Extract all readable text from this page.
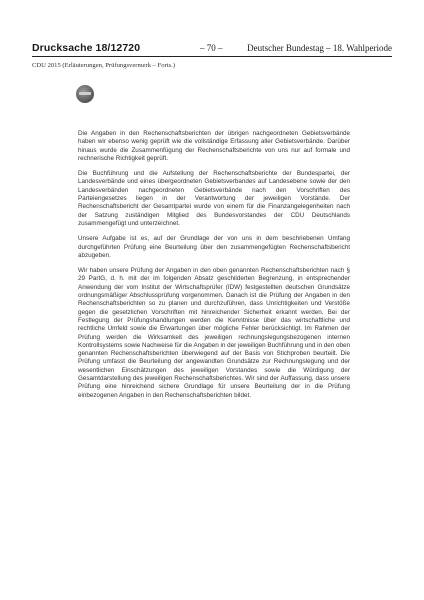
Drucksache 18/12720	– 70 –	Deutscher Bundestag – 18. Wahlperiode
CDU 2015 (Erläuterungen, Prüfungsvermerk – Forts.)

Die Angaben in den Rechenschaftsberichten der übrigen nachgeordneten Gebietsverbände haben wir ebenso wenig geprüft wie die vollständige Erfassung aller Gebietsverbände. Darüber hinaus wurde die Zusammenfügung der Rechenschaftsberichte von uns nur auf formale und rechnerische Richtigkeit geprüft.

Die Buchführung und die Aufstellung der Rechenschaftsberichte der Bundespartei, der Landesverbände und eines übergeordneten Gebietsverbandes auf Landesebene sowie der den Landesverbänden nachgeordneten Gebietsverbände nach den Vorschriften des Parteiengesetzes liegen in der Verantwortung der jeweiligen Vorstände. Der Rechenschaftsbericht der Gesamtpartei wurde von einem für die Finanzangelegenheiten nach der Satzung zuständigen Mitglied des Bundesvorstandes der CDU Deutschlands zusammengefügt und unterzeichnet.

Unsere Aufgabe ist es, auf der Grundlage der von uns in dem beschriebenen Umfang durchgeführten Prüfung eine Beurteilung über den zusammengefügten Rechenschaftsbericht abzugeben.

Wir haben unsere Prüfung der Angaben in den oben genannten Rechenschaftsberichten nach § 29 PartG, d. h. mit der im folgenden Absatz geschilderten Begrenzung, in entsprechender Anwendung der vom Institut der Wirtschaftsprüfer (IDW) festgestellten deutschen Grundsätze ordnungsmäßiger Abschlussprüfung vorgenommen. Danach ist die Prüfung der Angaben in den Rechenschaftsberichten so zu planen und durchzuführen, dass Unrichtigkeiten und Verstöße gegen die gesetzlichen Vorschriften mit hinreichender Sicherheit erkannt werden. Bei der Festlegung der Prüfungshandlungen werden die Kenntnisse über das wirtschaftliche und rechtliche Umfeld sowie die Erwartungen über mögliche Fehler berücksichtigt. Im Rahmen der Prüfung werden die Wirksamkeit des jeweiligen rechnungslegungsbezogenen internen Kontrollsystems sowie Nachweise für die Angaben in der jeweiligen Buchführung und in den oben genannten Rechenschaftsberichten überwiegend auf der Basis von Stichproben beurteilt. Die Prüfung umfasst die Beurteilung der angewandten Grundsätze zur Rechnungslegung und der wesentlichen Einschätzungen des jeweiligen Vorstandes sowie die Würdigung der Gesamtdarstellung des jeweiligen Rechenschaftsberichtes. Wir sind der Auffassung, dass unsere Prüfung eine hinreichend sichere Grundlage für unsere Beurteilung der in die Prüfung einbezogenen Angaben in den Rechenschaftsberichten bildet.
